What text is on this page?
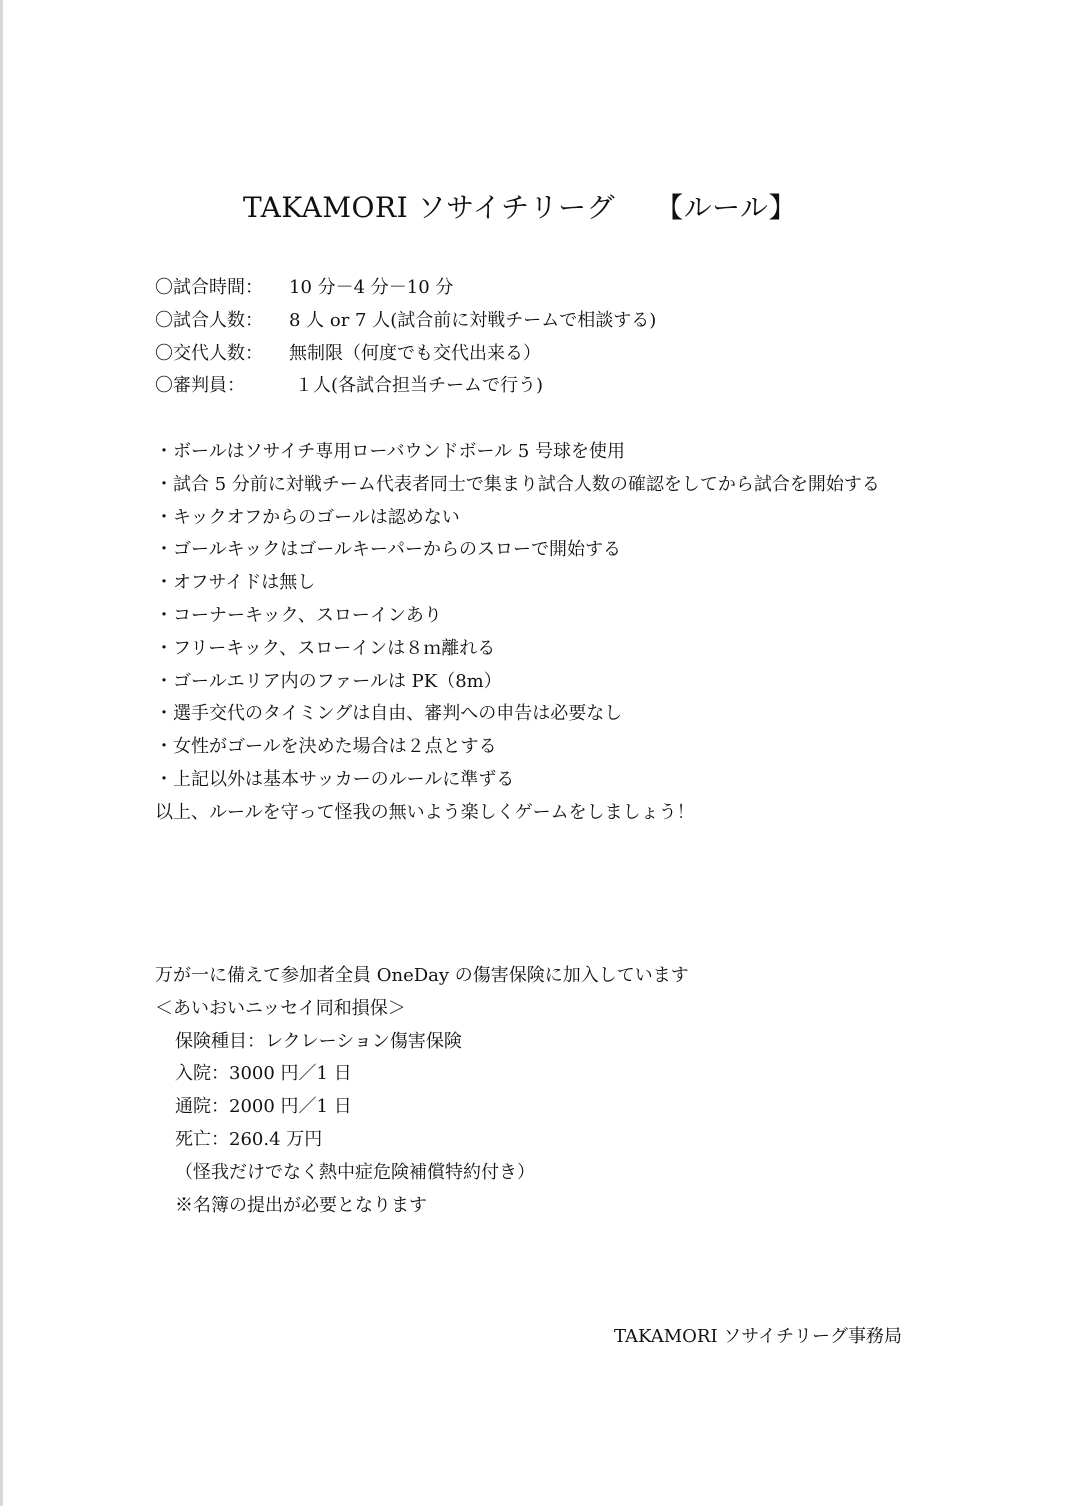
TAKAMORI ソサイチリーグ 【ルール】
〇試合時間： 10 分－4 分－10 分
〇試合人数： 8 人 or 7 人(試合前に対戦チームで相談する)
〇交代人数： 無制限（何度でも交代出来る）
〇審判員：	１人(各試合担当チームで行う)
・ボールはソサイチ専用ローバウンドボール 5 号球を使用
・試合 5 分前に対戦チーム代表者同士で集まり試合人数の確認をしてから試合を開始する
・キックオフからのゴールは認めない
・ゴールキックはゴールキーパーからのスローで開始する
・オフサイドは無し
・コーナーキック、スローインあり
・フリーキック、スローインは８ｍ離れる
・ゴールエリア内のファールは PK（8m）
・選手交代のタイミングは自由、審判への申告は必要なし
・女性がゴールを決めた場合は２点とする
・上記以外は基本サッカーのルールに準ずる
以上、ルールを守って怪我の無いよう楽しくゲームをしましょう！
万が一に備えて参加者全員 OneDay の傷害保険に加入しています
＜あいおいニッセイ同和損保＞
保険種目：レクレーション傷害保険
入院：3000 円／1 日
通院：2000 円／1 日
死亡：260.4 万円
（怪我だけでなく熱中症危険補償特約付き）
※名簿の提出が必要となります
TAKAMORI ソサイチリーグ事務局
